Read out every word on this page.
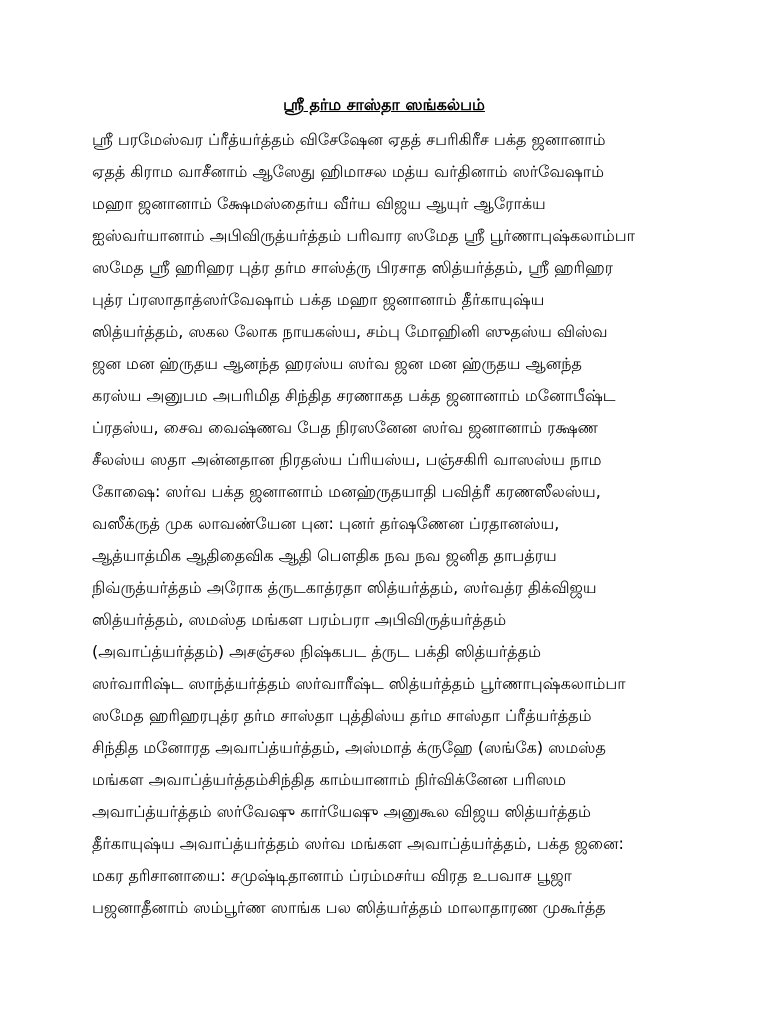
ஸ்ரீ தர்ம சாஸ்தா ஸங்கல்பம்
ஸ்ரீ பரமேஸ்வர ப்ரீத்யர்த்தம் விசேஷேன ஏதத் சபரிகிரீச பக்த ஜனானாம்
ஏதத் கிராம வாசீனாம் ஆஸேது ஹிமாசல மத்ய வர்தினாம் ஸர்வேஷாம்
மஹா ஜனானாம் க்ஷேமஸ்தைர்ய வீர்ய விஜய ஆயுர் ஆரோக்ய
ஐஸ்வர்யானாம் அபிவிருத்யர்த்தம் பரிவார ஸமேத ஸ்ரீ பூர்ணாபுஷ்கலாம்பா
ஸமேத ஸ்ரீ ஹரிஹர புத்ர தர்ம சாஸ்த்ரு பிரசாத ஸித்யர்த்தம், ஸ்ரீ ஹரிஹர
புத்ர ப்ரஸாதாத்ஸர்வேஷாம் பக்த மஹா ஜனானாம் தீர்காயுஷ்ய
ஸித்யர்த்தம், ஸகல லோக நாயகஸ்ய, சம்பு மோஹினி ஸுதஸ்ய விஸ்வ
ஜன மன ஹ்ருதய ஆனந்த ஹரஸ்ய ஸர்வ ஜன மன ஹ்ருதய ஆனந்த
கரஸ்ய அனுபம அபரிமித சிந்தித சரணாகத பக்த ஜனானாம் மனோபீஷ்ட
ப்ரதஸ்ய, சைவ வைஷ்ணவ பேத நிரஸனேன ஸர்வ ஜனானாம் ரக்ஷண
சீலஸ்ய ஸதா அன்னதான நிரதஸ்ய ப்ரியஸ்ய, பஞ்சகிரி வாஸஸ்ய நாம
கோஷை: ஸர்வ பக்த ஜனானாம் மனஹ்ருதயாதி பவித்ரீ கரணஸீலஸ்ய,
வஸீக்ருத் முக லாவண்யேன புன: புனர் தர்ஷணேன ப்ரதானஸ்ய,
ஆத்யாத்மிக ஆதிதைவிக ஆதி பௌதிக நவ நவ ஜனித தாபத்ரய
நிவ்ருத்யர்த்தம் அரோக த்ருடகாத்ரதா ஸித்யர்த்தம், ஸர்வத்ர திக்விஜய
ஸித்யர்த்தம், ஸமஸ்த மங்கள பரம்பரா அபிவிருத்யர்த்தம்
(அவாப்த்யர்த்தம்) அசஞ்சல நிஷ்கபட த்ருட பக்தி ஸித்யர்த்தம்
ஸர்வாரிஷ்ட ஸாந்த்யர்த்தம் ஸர்வாரீஷ்ட ஸித்யர்த்தம் பூர்ணாபுஷ்கலாம்பா
ஸமேத ஹரிஹரபுத்ர தர்ம சாஸ்தா புத்திஸ்ய தர்ம சாஸ்தா ப்ரீத்யர்த்தம்
சிந்தித மனோரத அவாப்த்யர்த்தம், அஸ்மாத் க்ருஹே (ஸங்கே) ஸமஸ்த
மங்கள அவாப்த்யர்த்தம்சிந்தித காம்யானாம் நிர்விக்னேன பரிஸம
அவாப்த்யர்த்தம் ஸர்வேஷு கார்யேஷு அனுகூல விஜய ஸித்யர்த்தம்
தீர்காயுஷ்ய அவாப்த்யர்த்தம் ஸர்வ மங்கள அவாப்த்யர்த்தம், பக்த ஜனை:
மகர தரிசானாயை: சமுஷ்டிதானாம் ப்ரம்மசர்ய விரத உபவாச பூஜா
பஜனாதீனாம் ஸம்பூர்ண ஸாங்க பல ஸித்யர்த்தம் மாலாதாரண முகூர்த்த
